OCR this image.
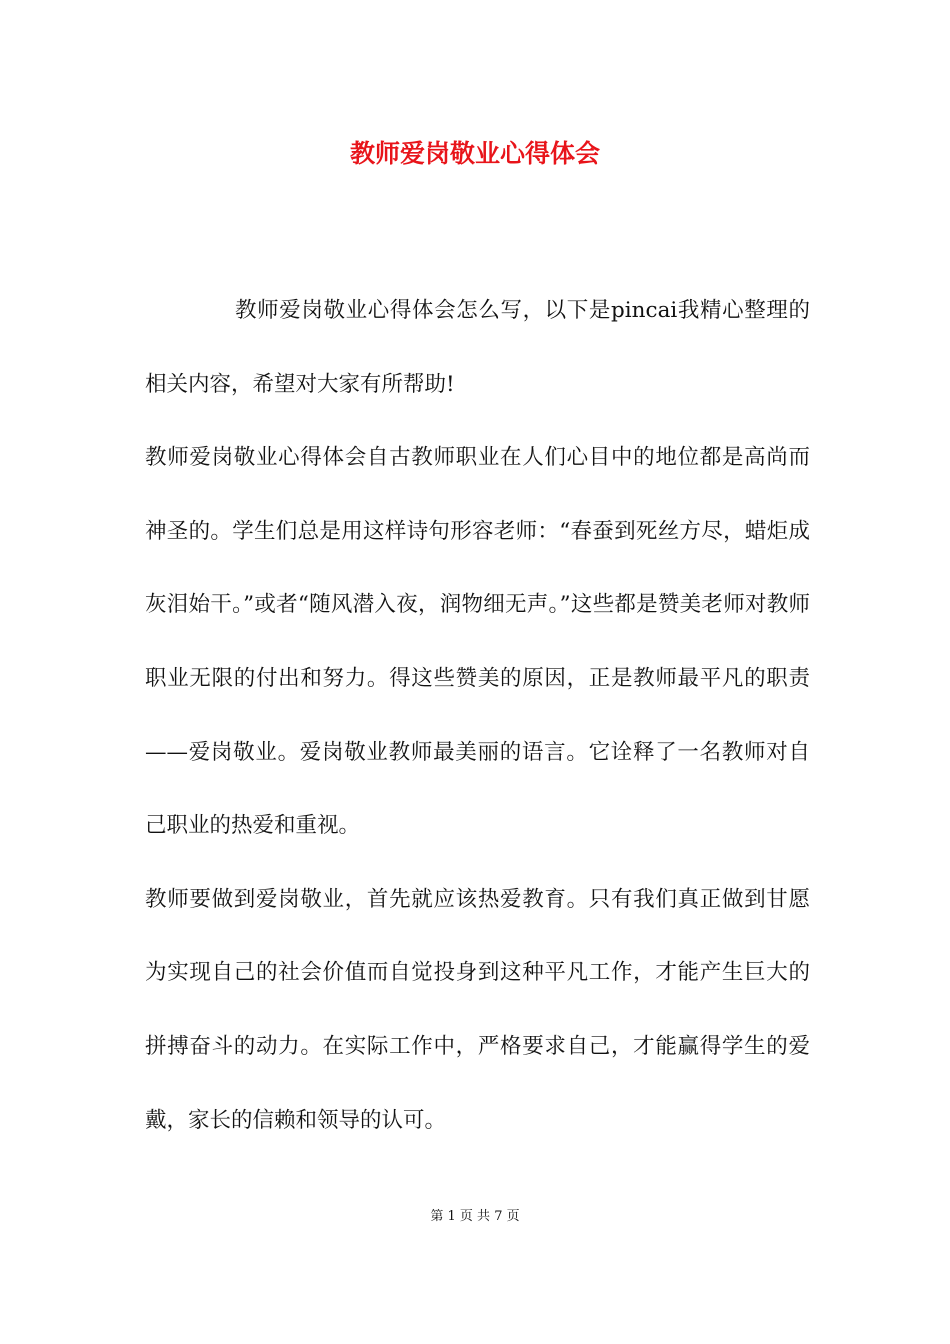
教师爱岗敬业心得体会

教师爱岗敬业心得体会怎么写，以下是pincai我精心整理的相关内容，希望对大家有所帮助!

教师爱岗敬业心得体会自古教师职业在人们心目中的地位都是高尚而神圣的。学生们总是用这样诗句形容老师：“春蚕到死丝方尽，蜡炬成灰泪始干。”或者“随风潜入夜，润物细无声。”这些都是赞美老师对教师职业无限的付出和努力。得这些赞美的原因，正是教师最平凡的职责——爱岗敬业。爱岗敬业教师最美丽的语言。它诠释了一名教师对自己职业的热爱和重视。

教师要做到爱岗敬业，首先就应该热爱教育。只有我们真正做到甘愿为实现自己的社会价值而自觉投身到这种平凡工作，才能产生巨大的拼搏奋斗的动力。在实际工作中，严格要求自己，才能赢得学生的爱戴，家长的信赖和领导的认可。

第 1 页 共 7 页
